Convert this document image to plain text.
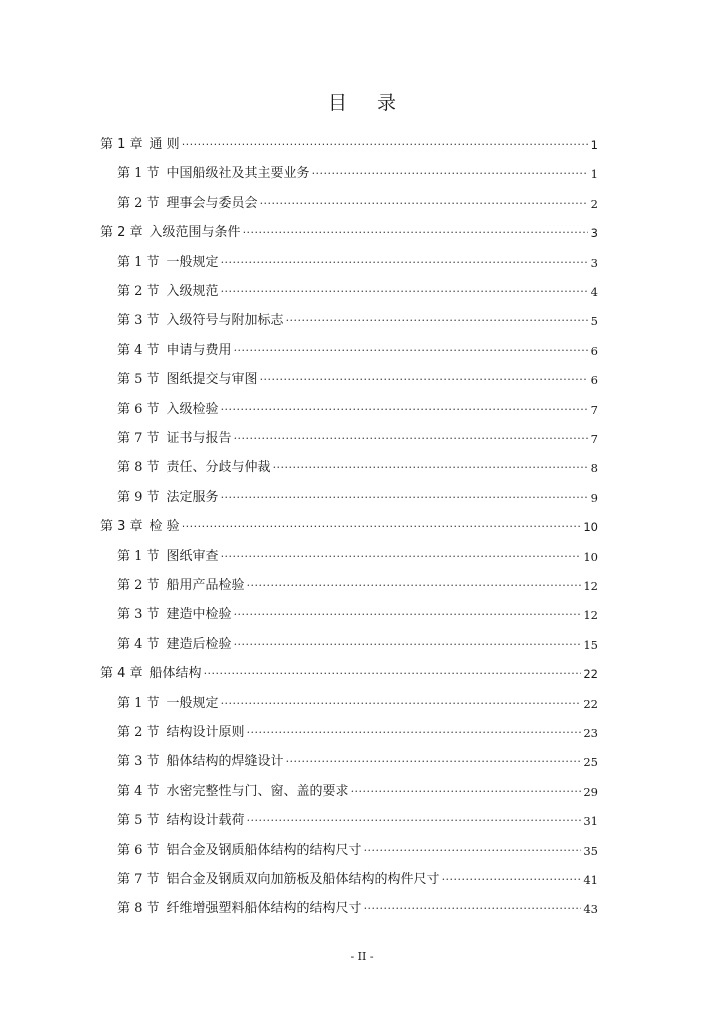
目 录
第 1 章 通 则 ·····	1
第 1 节 中国船级社及其主要业务 ·····	1
第 2 节 理事会与委员会 ·····	2
第 2 章 入级范围与条件 ·····	3
第 1 节 一般规定 ·····	3
第 2 节 入级规范 ·····	4
第 3 节 入级符号与附加标志 ·····	5
第 4 节 申请与费用 ·····	6
第 5 节 图纸提交与审图 ·····	6
第 6 节 入级检验 ·····	7
第 7 节 证书与报告 ·····	7
第 8 节 责任、分歧与仲裁 ·····	8
第 9 节 法定服务 ·····	9
第 3 章 检 验 ·····	10
第 1 节 图纸审查 ·····	10
第 2 节 船用产品检验 ·····	12
第 3 节 建造中检验 ·····	12
第 4 节 建造后检验 ·····	15
第 4 章 船体结构 ·····	22
第 1 节 一般规定 ·····	22
第 2 节 结构设计原则 ·····	23
第 3 节 船体结构的焊缝设计 ·····	25
第 4 节 水密完整性与门、窗、盖的要求 ·····	29
第 5 节 结构设计载荷 ·····	31
第 6 节 铝合金及钢质船体结构的结构尺寸 ·····	35
第 7 节 铝合金及钢质双向加筋板及船体结构的构件尺寸 ·····	41
第 8 节 纤维增强塑料船体结构的结构尺寸 ·····	43
- II -
